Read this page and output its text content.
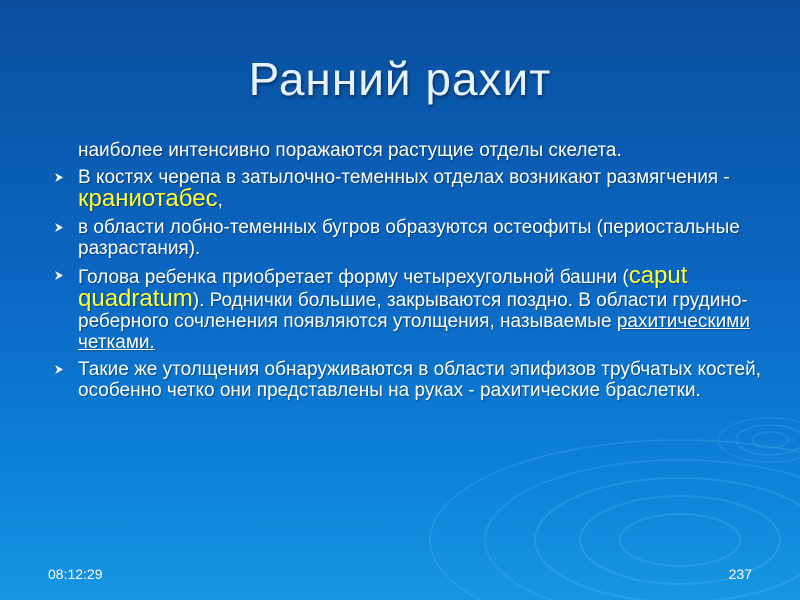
Ранний рахит
наиболее интенсивно поражаются растущие отделы скелета.
В костях черепа в затылочно-теменных отделах возникают размягчения - краниотабес,
в области лобно-теменных бугров образуются остеофиты (периостальные разрастания).
Голова ребенка приобретает форму четырехугольной башни (caput quadratum). Роднички большие, закрываются поздно. В области грудино-реберного сочленения появляются утолщения, называемые рахитическими четками.
Такие же утолщения обнаруживаются в области эпифизов трубчатых костей, особенно четко они представлены на руках - рахитические браслетки.
08:12:29	237
